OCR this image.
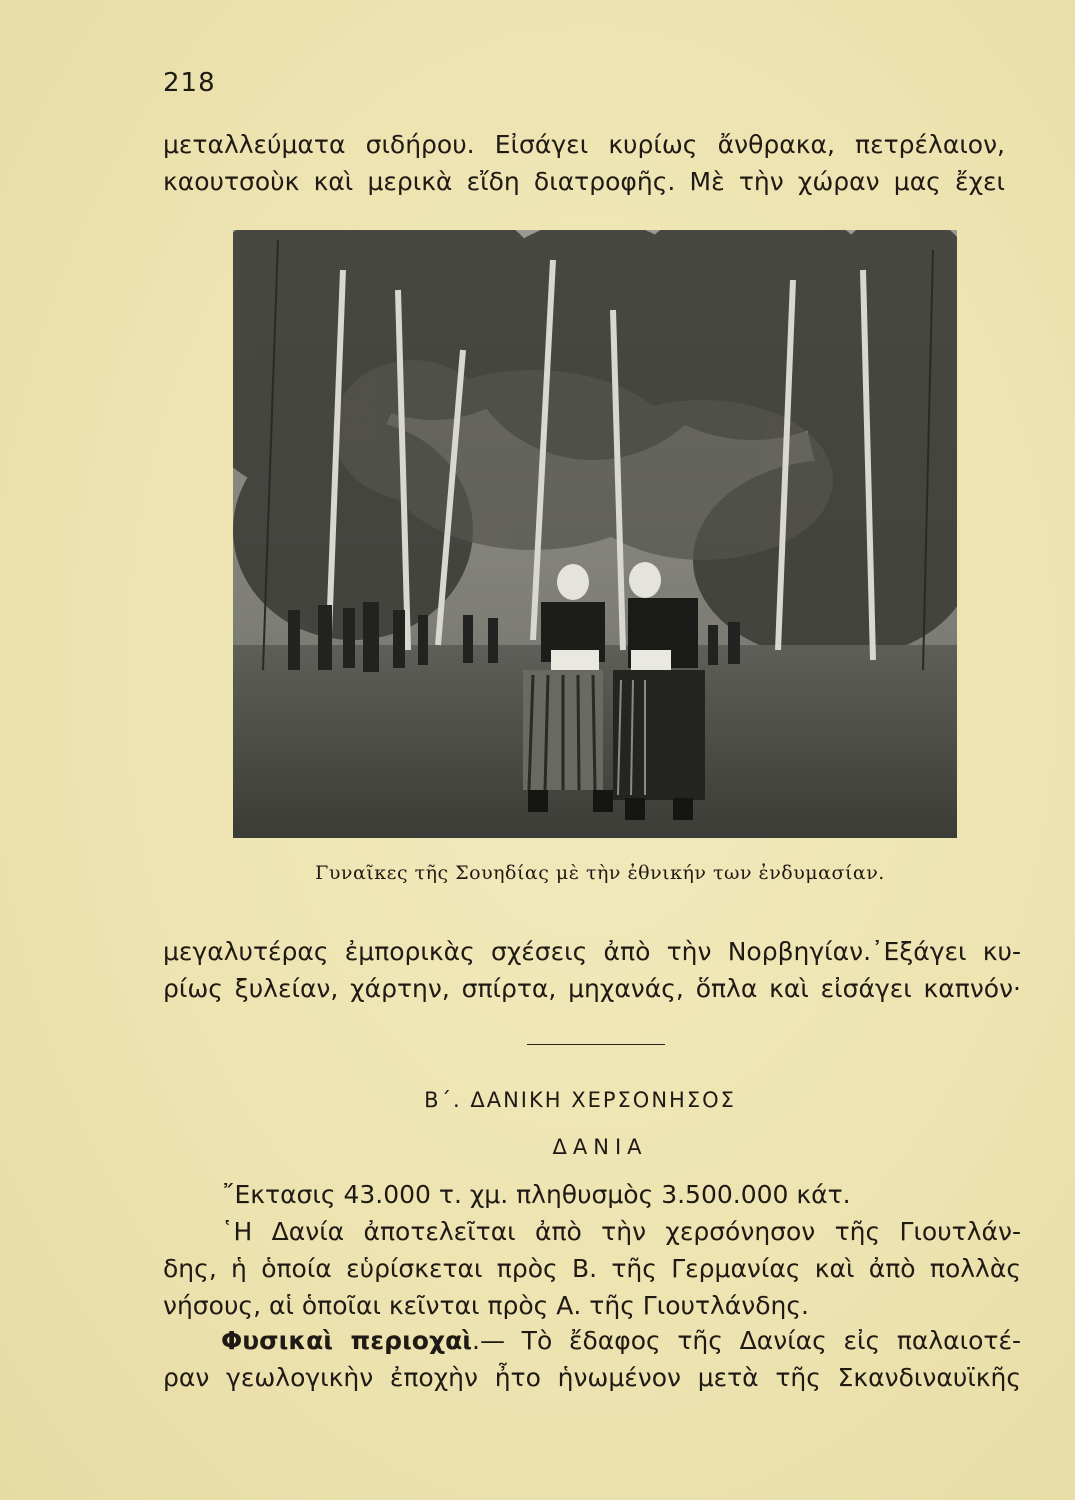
218
μεταλλεύματα σιδήρου. Εἰσάγει κυρίως ἄνθρακα, πετρέλαιον,
καουτσοὺκ καὶ μερικὰ εἴδη διατροφῆς. Μὲ τὴν χώραν μας ἔχει
Γυναῖκες τῆς Σουηδίας μὲ τὴν ἐθνικήν των ἐνδυμασίαν.
μεγαλυτέρας ἐμπορικὰς σχέσεις ἀπὸ τὴν Νορβηγίαν.᾿Εξάγει κυ-
ρίως ξυλείαν, χάρτην, σπίρτα, μηχανάς, ὅπλα καὶ εἰσάγει καπνόν·
Β΄. ΔΑΝΙΚΗ ΧΕΡΣΟΝΗΣΟΣ
ΔΑΝΙΑ
῎Εκτασις 43.000 τ. χμ. πληθυσμὸς 3.500.000 κάτ.
῾Η Δανία ἀποτελεῖται ἀπὸ τὴν χερσόνησον τῆς Γιουτλάν-
δης, ἡ ὁποία εὑρίσκεται πρὸς Β. τῆς Γερμανίας καὶ ἀπὸ πολλὰς
νήσους, αἱ ὁποῖαι κεῖνται πρὸς Α. τῆς Γιουτλάνδης.
Φυσικαὶ περιοχαὶ.— Τὸ ἔδαφος τῆς Δανίας εἰς παλαιοτέ-
ραν γεωλογικὴν ἐποχὴν ἦτο ἡνωμένον μετὰ τῆς Σκανδιναυϊκῆς
